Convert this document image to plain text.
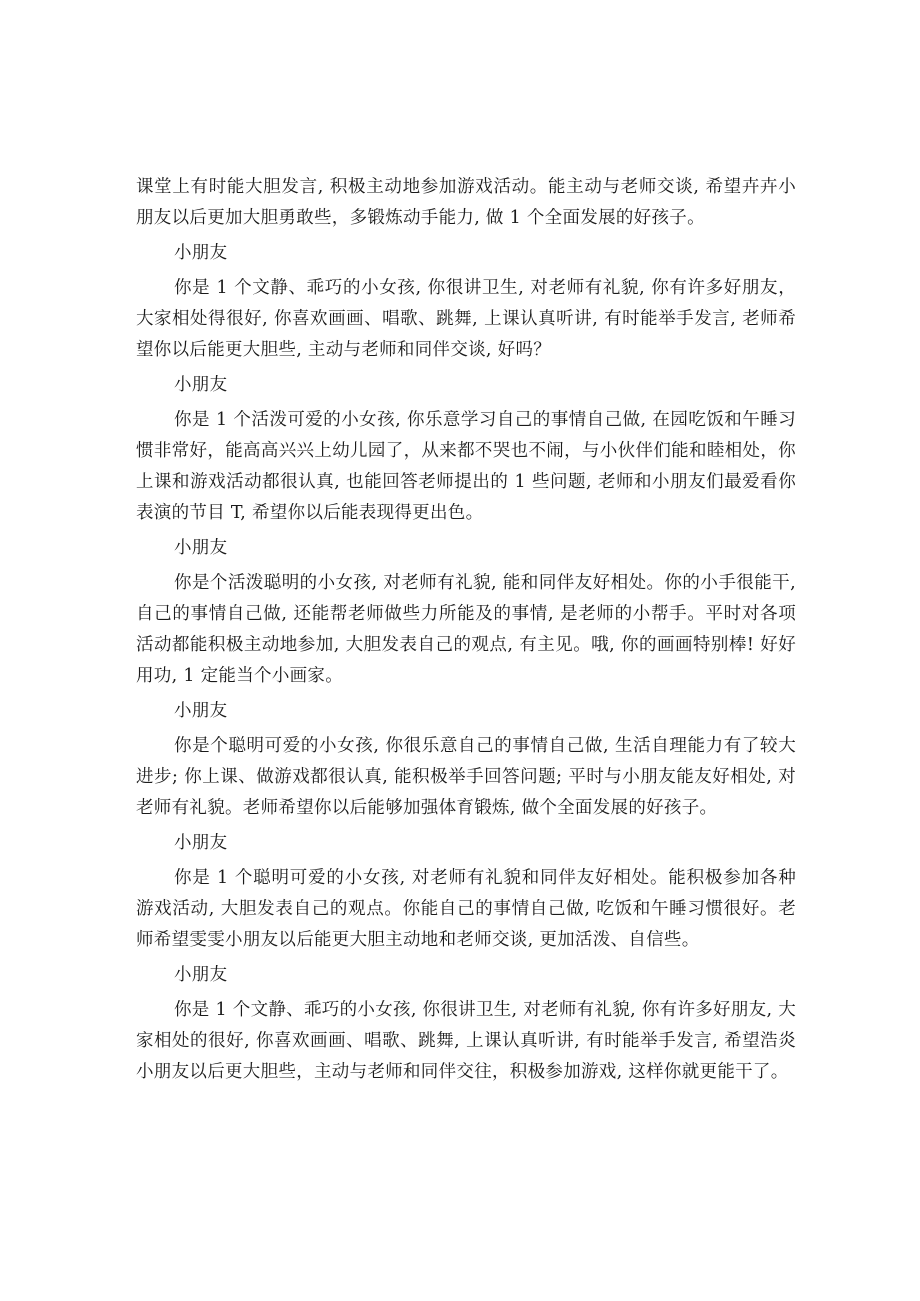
课堂上有时能大胆发言, 积极主动地参加游戏活动。能主动与老师交谈, 希望卉卉小朋友以后更加大胆勇敢些，多锻炼动手能力, 做 1 个全面发展的好孩子。

小朋友

你是 1 个文静、乖巧的小女孩, 你很讲卫生, 对老师有礼貌, 你有许多好朋友，大家相处得很好, 你喜欢画画、唱歌、跳舞, 上课认真听讲, 有时能举手发言, 老师希望你以后能更大胆些, 主动与老师和同伴交谈, 好吗？

小朋友

你是 1 个活泼可爱的小女孩, 你乐意学习自己的事情自己做, 在园吃饭和午睡习惯非常好，能高高兴兴上幼儿园了，从来都不哭也不闹，与小伙伴们能和睦相处，你上课和游戏活动都很认真, 也能回答老师提出的 1 些问题, 老师和小朋友们最爱看你表演的节目 T, 希望你以后能表现得更出色。

小朋友

你是个活泼聪明的小女孩, 对老师有礼貌, 能和同伴友好相处。你的小手很能干, 自己的事情自己做, 还能帮老师做些力所能及的事情, 是老师的小帮手。平时对各项活动都能积极主动地参加, 大胆发表自己的观点, 有主见。哦, 你的画画特别棒! 好好用功, 1 定能当个小画家。

小朋友

你是个聪明可爱的小女孩, 你很乐意自己的事情自己做, 生活自理能力有了较大进步; 你上课、做游戏都很认真, 能积极举手回答问题; 平时与小朋友能友好相处, 对老师有礼貌。老师希望你以后能够加强体育锻炼, 做个全面发展的好孩子。

小朋友

你是 1 个聪明可爱的小女孩, 对老师有礼貌和同伴友好相处。能积极参加各种游戏活动, 大胆发表自己的观点。你能自己的事情自己做, 吃饭和午睡习惯很好。老师希望雯雯小朋友以后能更大胆主动地和老师交谈, 更加活泼、自信些。

小朋友

你是 1 个文静、乖巧的小女孩, 你很讲卫生, 对老师有礼貌, 你有许多好朋友, 大家相处的很好, 你喜欢画画、唱歌、跳舞, 上课认真听讲, 有时能举手发言, 希望浩炎小朋友以后更大胆些，主动与老师和同伴交往，积极参加游戏, 这样你就更能干了。
